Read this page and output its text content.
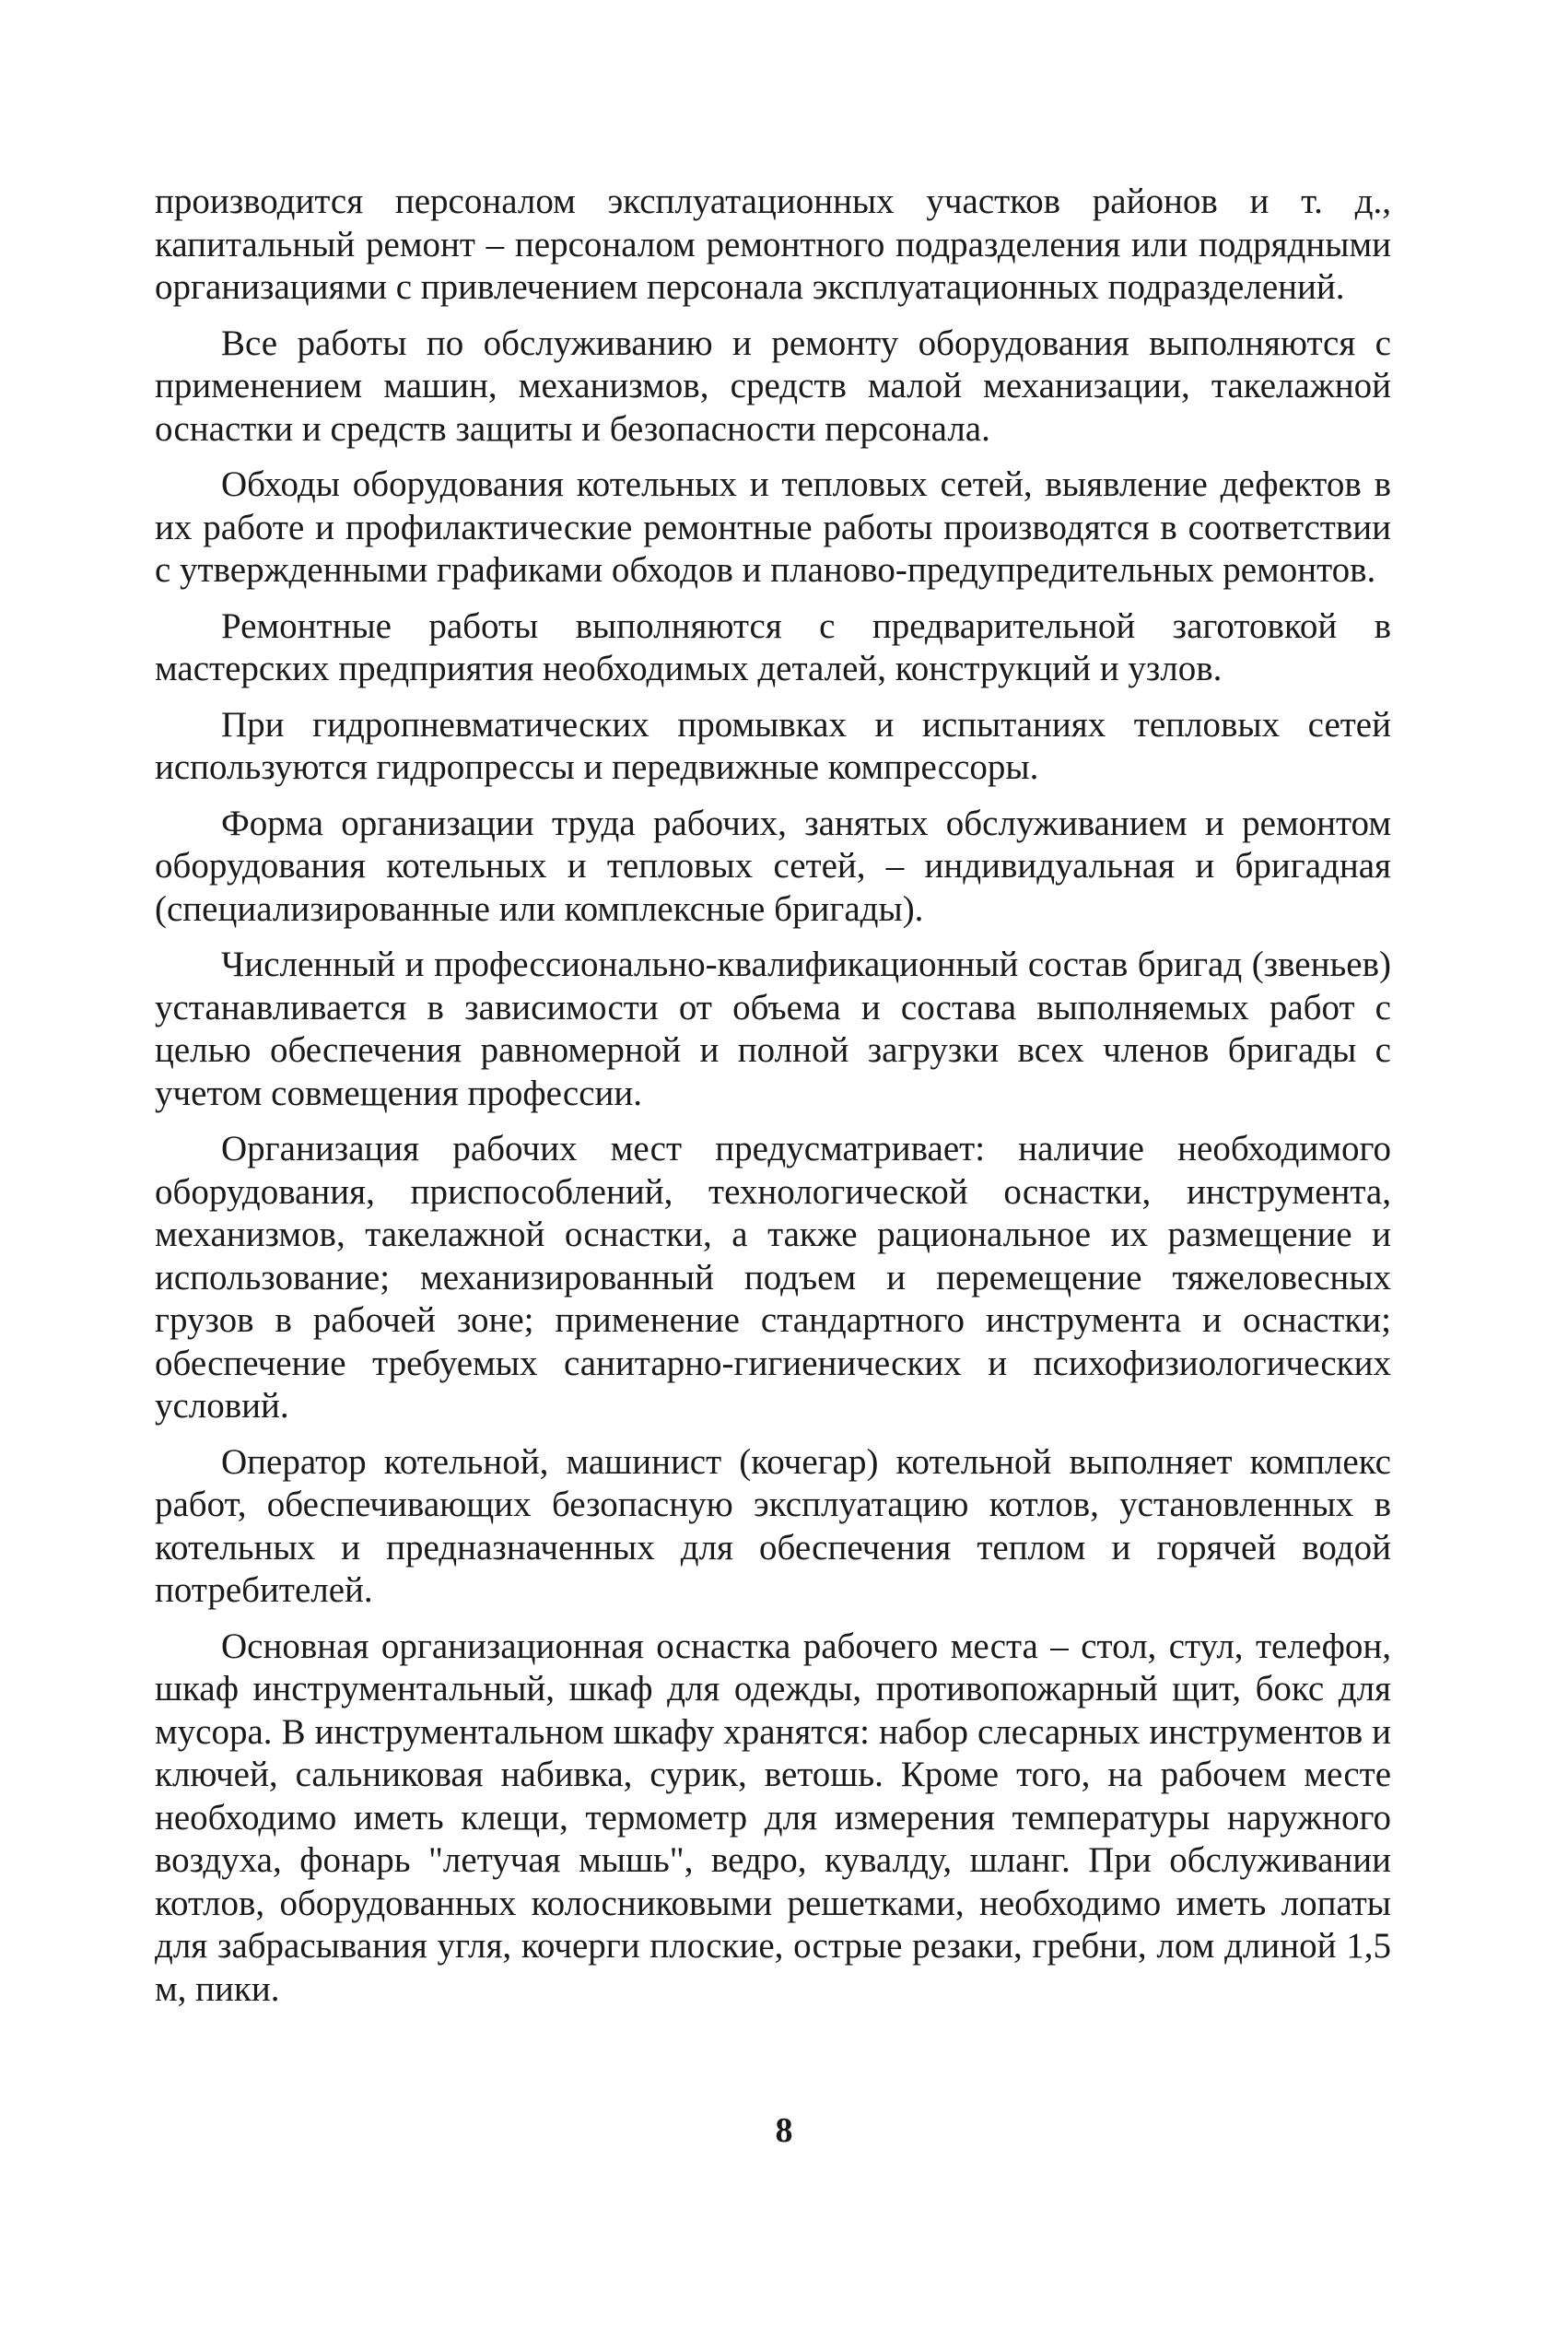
производится персоналом эксплуатационных участков районов и т. д., капитальный ремонт – персоналом ремонтного подразделения или подрядными организациями с привлечением персонала эксплуатационных подразделений.

Все работы по обслуживанию и ремонту оборудования выполняются с применением машин, механизмов, средств малой механизации, такелажной оснастки и средств защиты и безопасности персонала.

Обходы оборудования котельных и тепловых сетей, выявление дефектов в их работе и профилактические ремонтные работы производятся в соответствии с утвержденными графиками обходов и планово-предупредительных ремонтов.

Ремонтные работы выполняются с предварительной заготовкой в мастерских предприятия необходимых деталей, конструкций и узлов.

При гидропневматических промывках и испытаниях тепловых сетей используются гидропрессы и передвижные компрессоры.

Форма организации труда рабочих, занятых обслуживанием и ремонтом оборудования котельных и тепловых сетей, – индивидуальная и бригадная (специализированные или комплексные бригады).

Численный и профессионально-квалификационный состав бригад (звеньев) устанавливается в зависимости от объема и состава выполняемых работ с целью обеспечения равномерной и полной загрузки всех членов бригады с учетом совмещения профессии.

Организация рабочих мест предусматривает: наличие необходимого оборудования, приспособлений, технологической оснастки, инструмента, механизмов, такелажной оснастки, а также рациональное их размещение и использование; механизированный подъем и перемещение тяжеловесных грузов в рабочей зоне; применение стандартного инструмента и оснастки; обеспечение требуемых санитарно-гигиенических и психофизиологических условий.

Оператор котельной, машинист (кочегар) котельной выполняет комплекс работ, обеспечивающих безопасную эксплуатацию котлов, установленных в котельных и предназначенных для обеспечения теплом и горячей водой потребителей.

Основная организационная оснастка рабочего места – стол, стул, телефон, шкаф инструментальный, шкаф для одежды, противопожарный щит, бокс для мусора. В инструментальном шкафу хранятся: набор слесарных инструментов и ключей, сальниковая набивка, сурик, ветошь. Кроме того, на рабочем месте необходимо иметь клещи, термометр для измерения температуры наружного воздуха, фонарь "летучая мышь", ведро, кувалду, шланг. При обслуживании котлов, оборудованных колосниковыми решетками, необходимо иметь лопаты для забрасывания угля, кочерги плоские, острые резаки, гребни, лом длиной 1,5 м, пики.

8
